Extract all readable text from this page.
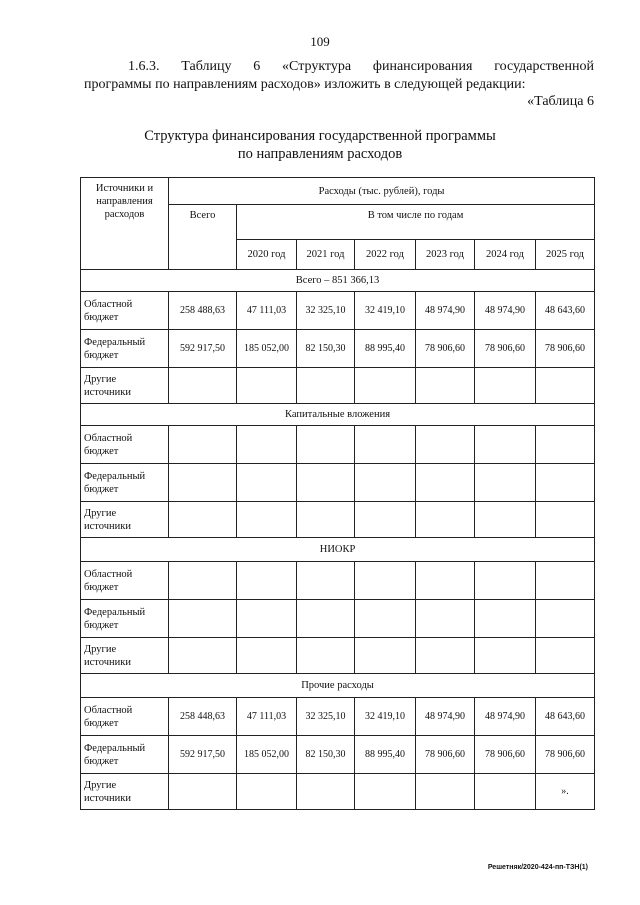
109
1.6.3. Таблицу 6 «Структура финансирования государственной
программы по направлениям расходов» изложить в следующей редакции:
«Таблица 6
Структура финансирования государственной программы
по направлениям расходов
Источники и направления расходов	Расходы (тыс. рублей), годы						
	Всего	В том числе по годам					
		2020 год	2021 год	2022 год	2023 год	2024 год	2025 год
Всего – 851 366,13							
Областной бюджет	258 488,63	47 111,03	32 325,10	32 419,10	48 974,90	48 974,90	48 643,60
Федеральный бюджет	592 917,50	185 052,00	82 150,30	88 995,40	78 906,60	78 906,60	78 906,60
Другие источники							
Капитальные вложения							
Областной бюджет							
Федеральный бюджет							
Другие источники							
НИОКР							
Областной бюджет							
Федеральный бюджет							
Другие источники							
Прочие расходы							
Областной бюджет	258 448,63	47 111,03	32 325,10	32 419,10	48 974,90	48 974,90	48 643,60
Федеральный бюджет	592 917,50	185 052,00	82 150,30	88 995,40	78 906,60	78 906,60	78 906,60
Другие источники							».
Решетняк/2020-424-пп-ТЗН(1)
